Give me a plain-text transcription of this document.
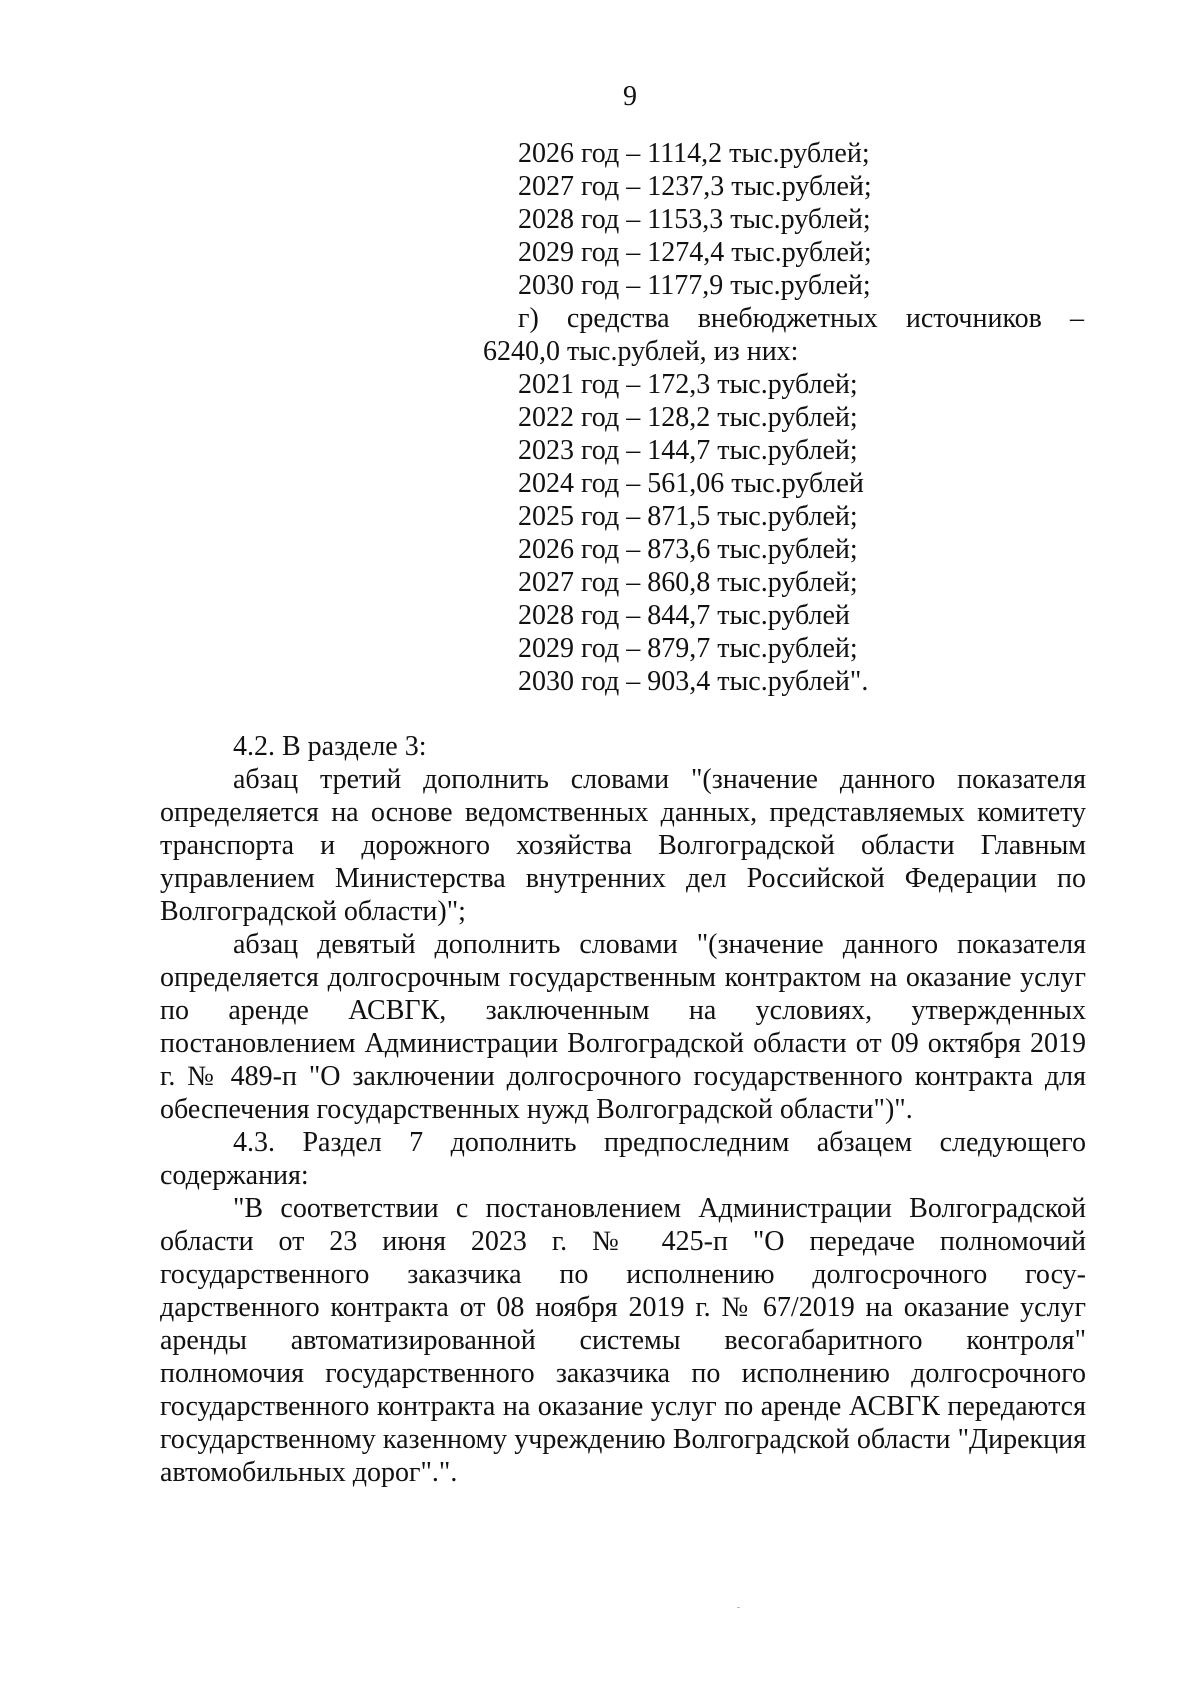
9
2026 год – 1114,2 тыс.рублей;
2027 год – 1237,3 тыс.рублей;
2028 год – 1153,3 тыс.рублей;
2029 год – 1274,4 тыс.рублей;
2030 год – 1177,9 тыс.рублей;
г) средства внебюджетных источников –
6240,0 тыс.рублей, из них:
2021 год – 172,3 тыс.рублей;
2022 год – 128,2 тыс.рублей;
2023 год – 144,7 тыс.рублей;
2024 год – 561,06 тыс.рублей
2025 год – 871,5 тыс.рублей;
2026 год – 873,6 тыс.рублей;
2027 год – 860,8 тыс.рублей;
2028 год – 844,7 тыс.рублей
2029 год – 879,7 тыс.рублей;
2030 год – 903,4 тыс.рублей".

4.2. В разделе 3:

абзац третий дополнить словами "(значение данного показателя определяется на основе ведомственных данных, представляемых комитету транспорта и дорожного хозяйства Волгоградской области Главным управлением Министерства внутренних дел Российской Федерации по Волгоградской области)";

абзац девятый дополнить словами "(значение данного показателя определяется долгосрочным государственным контрактом на оказание услуг по аренде АСВГК, заключенным на условиях, утвержденных постановлением Администрации Волгоградской области от 09 октября 2019 г. № 489-п "О заключении долгосрочного государственного контракта для обеспечения государственных нужд Волгоградской области")".

4.3. Раздел 7 дополнить предпоследним абзацем следующего содержания:

"В соответствии с постановлением Администрации Волгоградской области от 23 июня 2023 г. № 425-п "О передаче полномочий государственного заказчика по исполнению долгосрочного госу-дарственного контракта от 08 ноября 2019 г. № 67/2019 на оказание услуг аренды автоматизированной системы весогабаритного контроля" полномочия государственного заказчика по исполнению долгосрочного государственного контракта на оказание услуг по аренде АСВГК передаются государственному казенному учреждению Волгоградской области "Дирекция автомобильных дорог".".
